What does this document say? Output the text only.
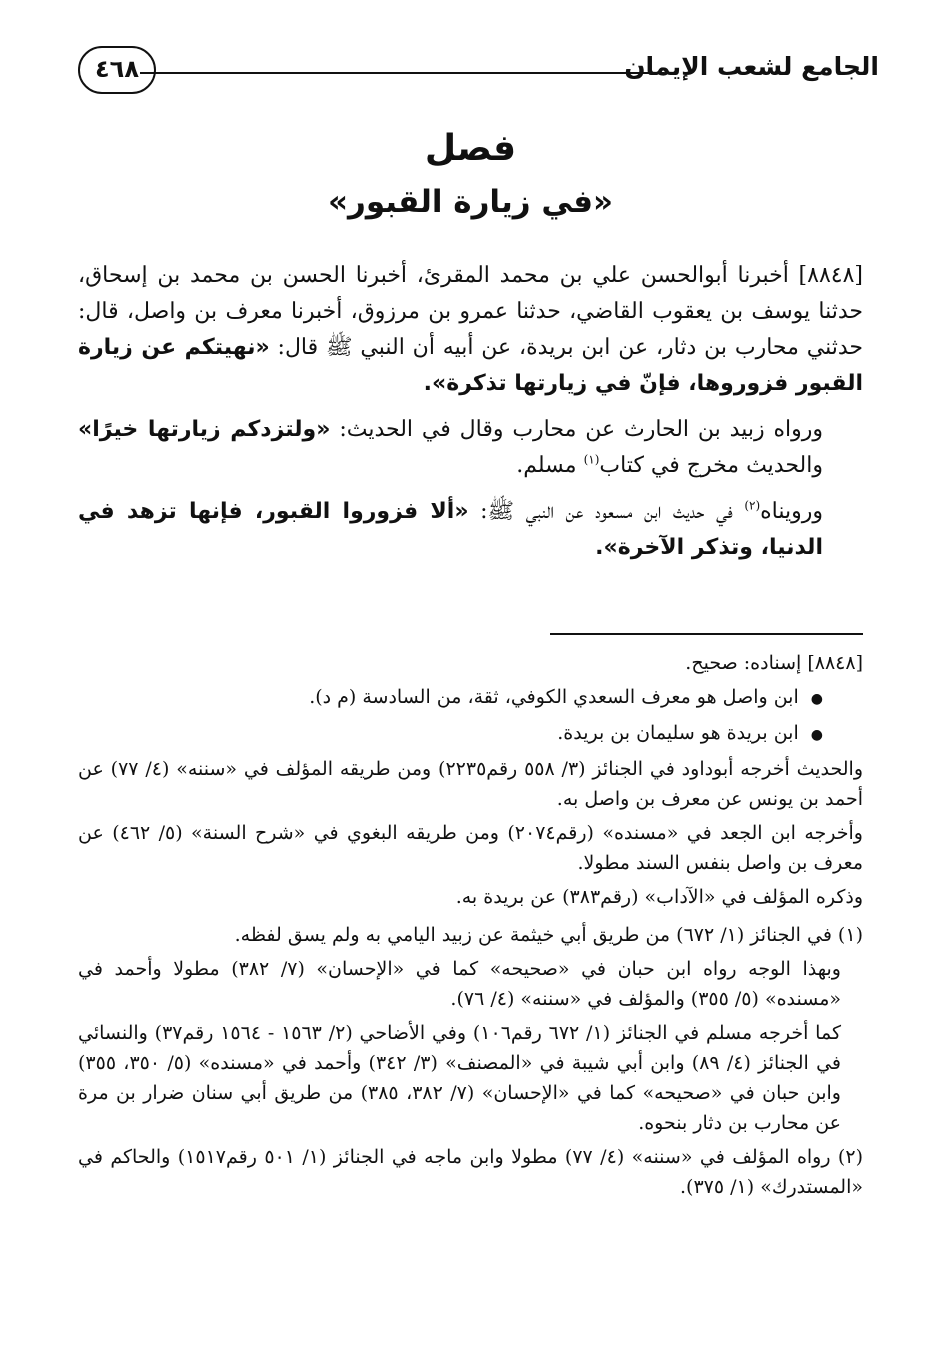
الجامع لشعب الإيمان
٤٦٨
فصل
«في زيارة القبور»

[٨٨٤٨] أخبرنا أبوالحسن علي بن محمد المقرئ، أخبرنا الحسن بن محمد بن إسحاق، حدثنا يوسف بن يعقوب القاضي، حدثنا عمرو بن مرزوق، أخبرنا معرف بن واصل، قال: حدثني محارب بن دثار، عن ابن بريدة، عن أبيه أن النبي ﷺ قال: «نهيتكم عن زيارة القبور فزوروها، فإنّ في زيارتها تذكرة».

ورواه زبيد بن الحارث عن محارب وقال في الحديث: «ولتزدكم زيارتها خيرًا» والحديث مخرج في كتاب$^{(١)}$ مسلم.

ورويناه$^{(٢)}$ في حديث ابن مسعود عن النبي ﷺ: «ألا فزوروا القبور، فإنها تزهد في الدنيا، وتذكر الآخرة».

[٨٨٤٨] إسناده: صحيح.

● ابن واصل هو معرف السعدي الكوفي، ثقة، من السادسة (م د).

● ابن بريدة هو سليمان بن بريدة.

والحديث أخرجه أبوداود في الجنائز (٣/ ٥٥٨ رقم٢٢٣٥) ومن طريقه المؤلف في «سننه» (٤/ ٧٧) عن أحمد بن يونس عن معرف بن واصل به.

وأخرجه ابن الجعد في «مسنده» (رقم٢٠٧٤) ومن طريقه البغوي في «شرح السنة» (٥/ ٤٦٢) عن معرف بن واصل بنفس السند مطولا.

وذكره المؤلف في «الآداب» (رقم٣٨٣) عن بريدة به.

(١) في الجنائز (١/ ٦٧٢) من طريق أبي خيثمة عن زبيد اليامي به ولم يسق لفظه.

وبهذا الوجه رواه ابن حبان في «صحيحه» كما في «الإحسان» (٧/ ٣٨٢) مطولا وأحمد في «مسنده» (٥/ ٣٥٥) والمؤلف في «سننه» (٤/ ٧٦).

كما أخرجه مسلم في الجنائز (١/ ٦٧٢ رقم١٠٦) وفي الأضاحي (٢/ ١٥٦٣ - ١٥٦٤ رقم٣٧) والنسائي في الجنائز (٤/ ٨٩) وابن أبي شيبة في «المصنف» (٣/ ٣٤٢) وأحمد في «مسنده» (٥/ ٣٥٠، ٣٥٥) وابن حبان في «صحيحه» كما في «الإحسان» (٧/ ٣٨٢، ٣٨٥) من طريق أبي سنان ضرار بن مرة عن محارب بن دثار بنحوه.

(٢) رواه المؤلف في «سننه» (٤/ ٧٧) مطولا وابن ماجه في الجنائز (١/ ٥٠١ رقم١٥١٧) والحاكم في «المستدرك» (١/ ٣٧٥).
